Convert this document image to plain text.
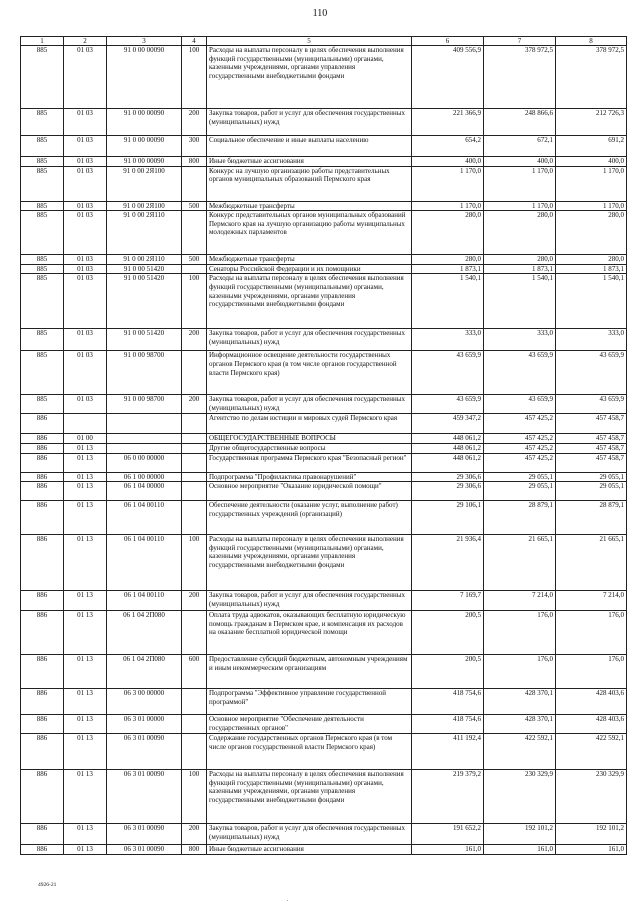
110
1	2	3	4	5	6	7	8
885	01 03	91 0 00 00090	100	Расходы на выплаты персоналу в целях обеспечения выполнения функций государственными (муниципальными) органами, казенными учреждениями, органами управления государственными внебюджетными фондами	409 556,9	378 972,5	378 972,5
885	01 03	91 0 00 00090	200	Закупка товаров, работ и услуг для обеспечения государственных (муниципальных) нужд	221 366,9	248 866,6	212 726,3
885	01 03	91 0 00 00090	300	Социальное обеспечение и иные выплаты населению	654,2	672,1	691,2
885	01 03	91 0 00 00090	800	Иные бюджетные ассигнования	400,0	400,0	400,0
885	01 03	91 0 00 2Я100		Конкурс на лучшую организацию работы представительных органов муниципальных образований Пермского края	1 170,0	1 170,0	1 170,0
885	01 03	91 0 00 2Я100	500	Межбюджетные трансферты	1 170,0	1 170,0	1 170,0
885	01 03	91 0 00 2Я110		Конкурс представительных органов муниципальных образований Пермского края на лучшую организацию работы муниципальных молодежных парламентов	280,0	280,0	280,0
885	01 03	91 0 00 2Я110	500	Межбюджетные трансферты	280,0	280,0	280,0
885	01 03	91 0 00 51420		Сенаторы Российской Федерации и их помощники	1 873,1	1 873,1	1 873,1
885	01 03	91 0 00 51420	100	Расходы на выплаты персоналу в целях обеспечения выполнения функций государственными (муниципальными) органами, казенными учреждениями, органами управления государственными внебюджетными фондами	1 540,1	1 540,1	1 540,1
885	01 03	91 0 00 51420	200	Закупка товаров, работ и услуг для обеспечения государственных (муниципальных) нужд	333,0	333,0	333,0
885	01 03	91 0 00 98700		Информационное освещение деятельности государственных органов Пермского края (в том числе органов государственной власти Пермского края)	43 659,9	43 659,9	43 659,9
885	01 03	91 0 00 98700	200	Закупка товаров, работ и услуг для обеспечения государственных (муниципальных) нужд	43 659,9	43 659,9	43 659,9
886				Агентство по делам юстиции и мировых судей Пермского края	459 347,2	457 425,2	457 458,7
886	01 00			ОБЩЕГОСУДАРСТВЕННЫЕ ВОПРОСЫ	448 061,2	457 425,2	457 458,7
886	01 13			Другие общегосударственные вопросы	448 061,2	457 425,2	457 458,7
886	01 13	06 0 00 00000		Государственная программа Пермского края "Безопасный регион"	448 061,2	457 425,2	457 458,7
886	01 13	06 1 00 00000		Подпрограмма "Профилактика правонарушений"	29 306,6	29 055,1	29 055,1
886	01 13	06 1 04 00000		Основное мероприятие "Оказание юридической помощи"	29 306,6	29 055,1	29 055,1
886	01 13	06 1 04 00110		Обеспечение деятельности (оказание услуг, выполнение работ) государственных учреждений (организаций)	29 106,1	28 879,1	28 879,1
886	01 13	06 1 04 00110	100	Расходы на выплаты персоналу в целях обеспечения выполнения функций государственными (муниципальными) органами, казенными учреждениями, органами управления государственными внебюджетными фондами	21 936,4	21 665,1	21 665,1
886	01 13	06 1 04 00110	200	Закупка товаров, работ и услуг для обеспечения государственных (муниципальных) нужд	7 169,7	7 214,0	7 214,0
886	01 13	06 1 04 2П080		Оплата труда адвокатов, оказывающих бесплатную юридическую помощь гражданам в Пермском крае, и компенсация их расходов на оказание бесплатной юридической помощи	200,5	176,0	176,0
886	01 13	06 1 04 2П080	600	Предоставление субсидий бюджетным, автономным учреждениям и иным некоммерческим организациям	200,5	176,0	176,0
886	01 13	06 3 00 00000		Подпрограмма "Эффективное управление государственной программой"	418 754,6	428 370,1	428 403,6
886	01 13	06 3 01 00000		Основное мероприятие "Обеспечение деятельности государственных органов"	418 754,6	428 370,1	428 403,6
886	01 13	06 3 01 00090		Содержание государственных органов Пермского края (в том числе органов государственной власти Пермского края)	411 192,4	422 592,1	422 592,1
886	01 13	06 3 01 00090	100	Расходы на выплаты персоналу в целях обеспечения выполнения функций государственными (муниципальными) органами, казенными учреждениями, органами управления государственными внебюджетными фондами	219 379,2	230 329,9	230 329,9
886	01 13	06 3 01 00090	200	Закупка товаров, работ и услуг для обеспечения государственных (муниципальных) нужд	191 652,2	192 101,2	192 101,2
886	01 13	06 3 01 00090	800	Иные бюджетные ассигнования	161,0	161,0	161,0
4926-21
.
